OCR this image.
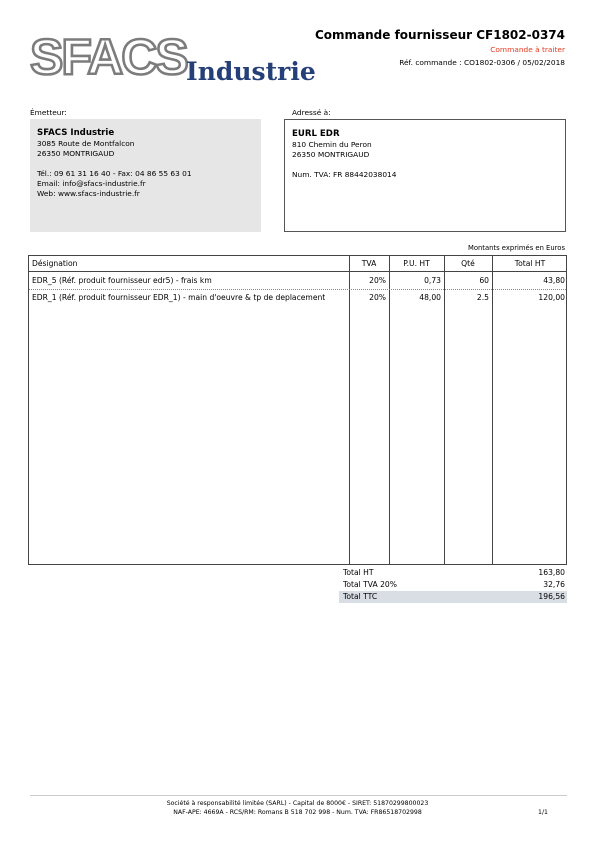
SFACS Industrie
Commande fournisseur CF1802-0374
Commande à traiter
Réf. commande : CO1802-0306 / 05/02/2018
Émetteur:
SFACS Industrie
3085 Route de Montfalcon
26350 MONTRIGAUD
Tél.: 09 61 31 16 40 - Fax: 04 86 55 63 01
Email: info@sfacs-industrie.fr
Web: www.sfacs-industrie.fr
Adressé à:
EURL EDR
810 Chemin du Peron
26350 MONTRIGAUD
Num. TVA: FR 88442038014
Montants exprimés en Euros
Désignation	TVA	P.U. HT	Qté	Total HT
EDR_5 (Réf. produit fournisseur edr5) - frais km	20%	0,73	60	43,80
EDR_1 (Réf. produit fournisseur EDR_1) - main d'oeuvre & tp de deplacement	20%	48,00	2.5	120,00
Total HT	163,80
Total TVA 20%	32,76
Total TTC	196,56
Société à responsabilité limitée (SARL) - Capital de 8000€ - SIRET: 51870299800023
NAF-APE: 4669A - RCS/RM: Romans B 518 702 998 - Num. TVA: FR86518702998	1/1
